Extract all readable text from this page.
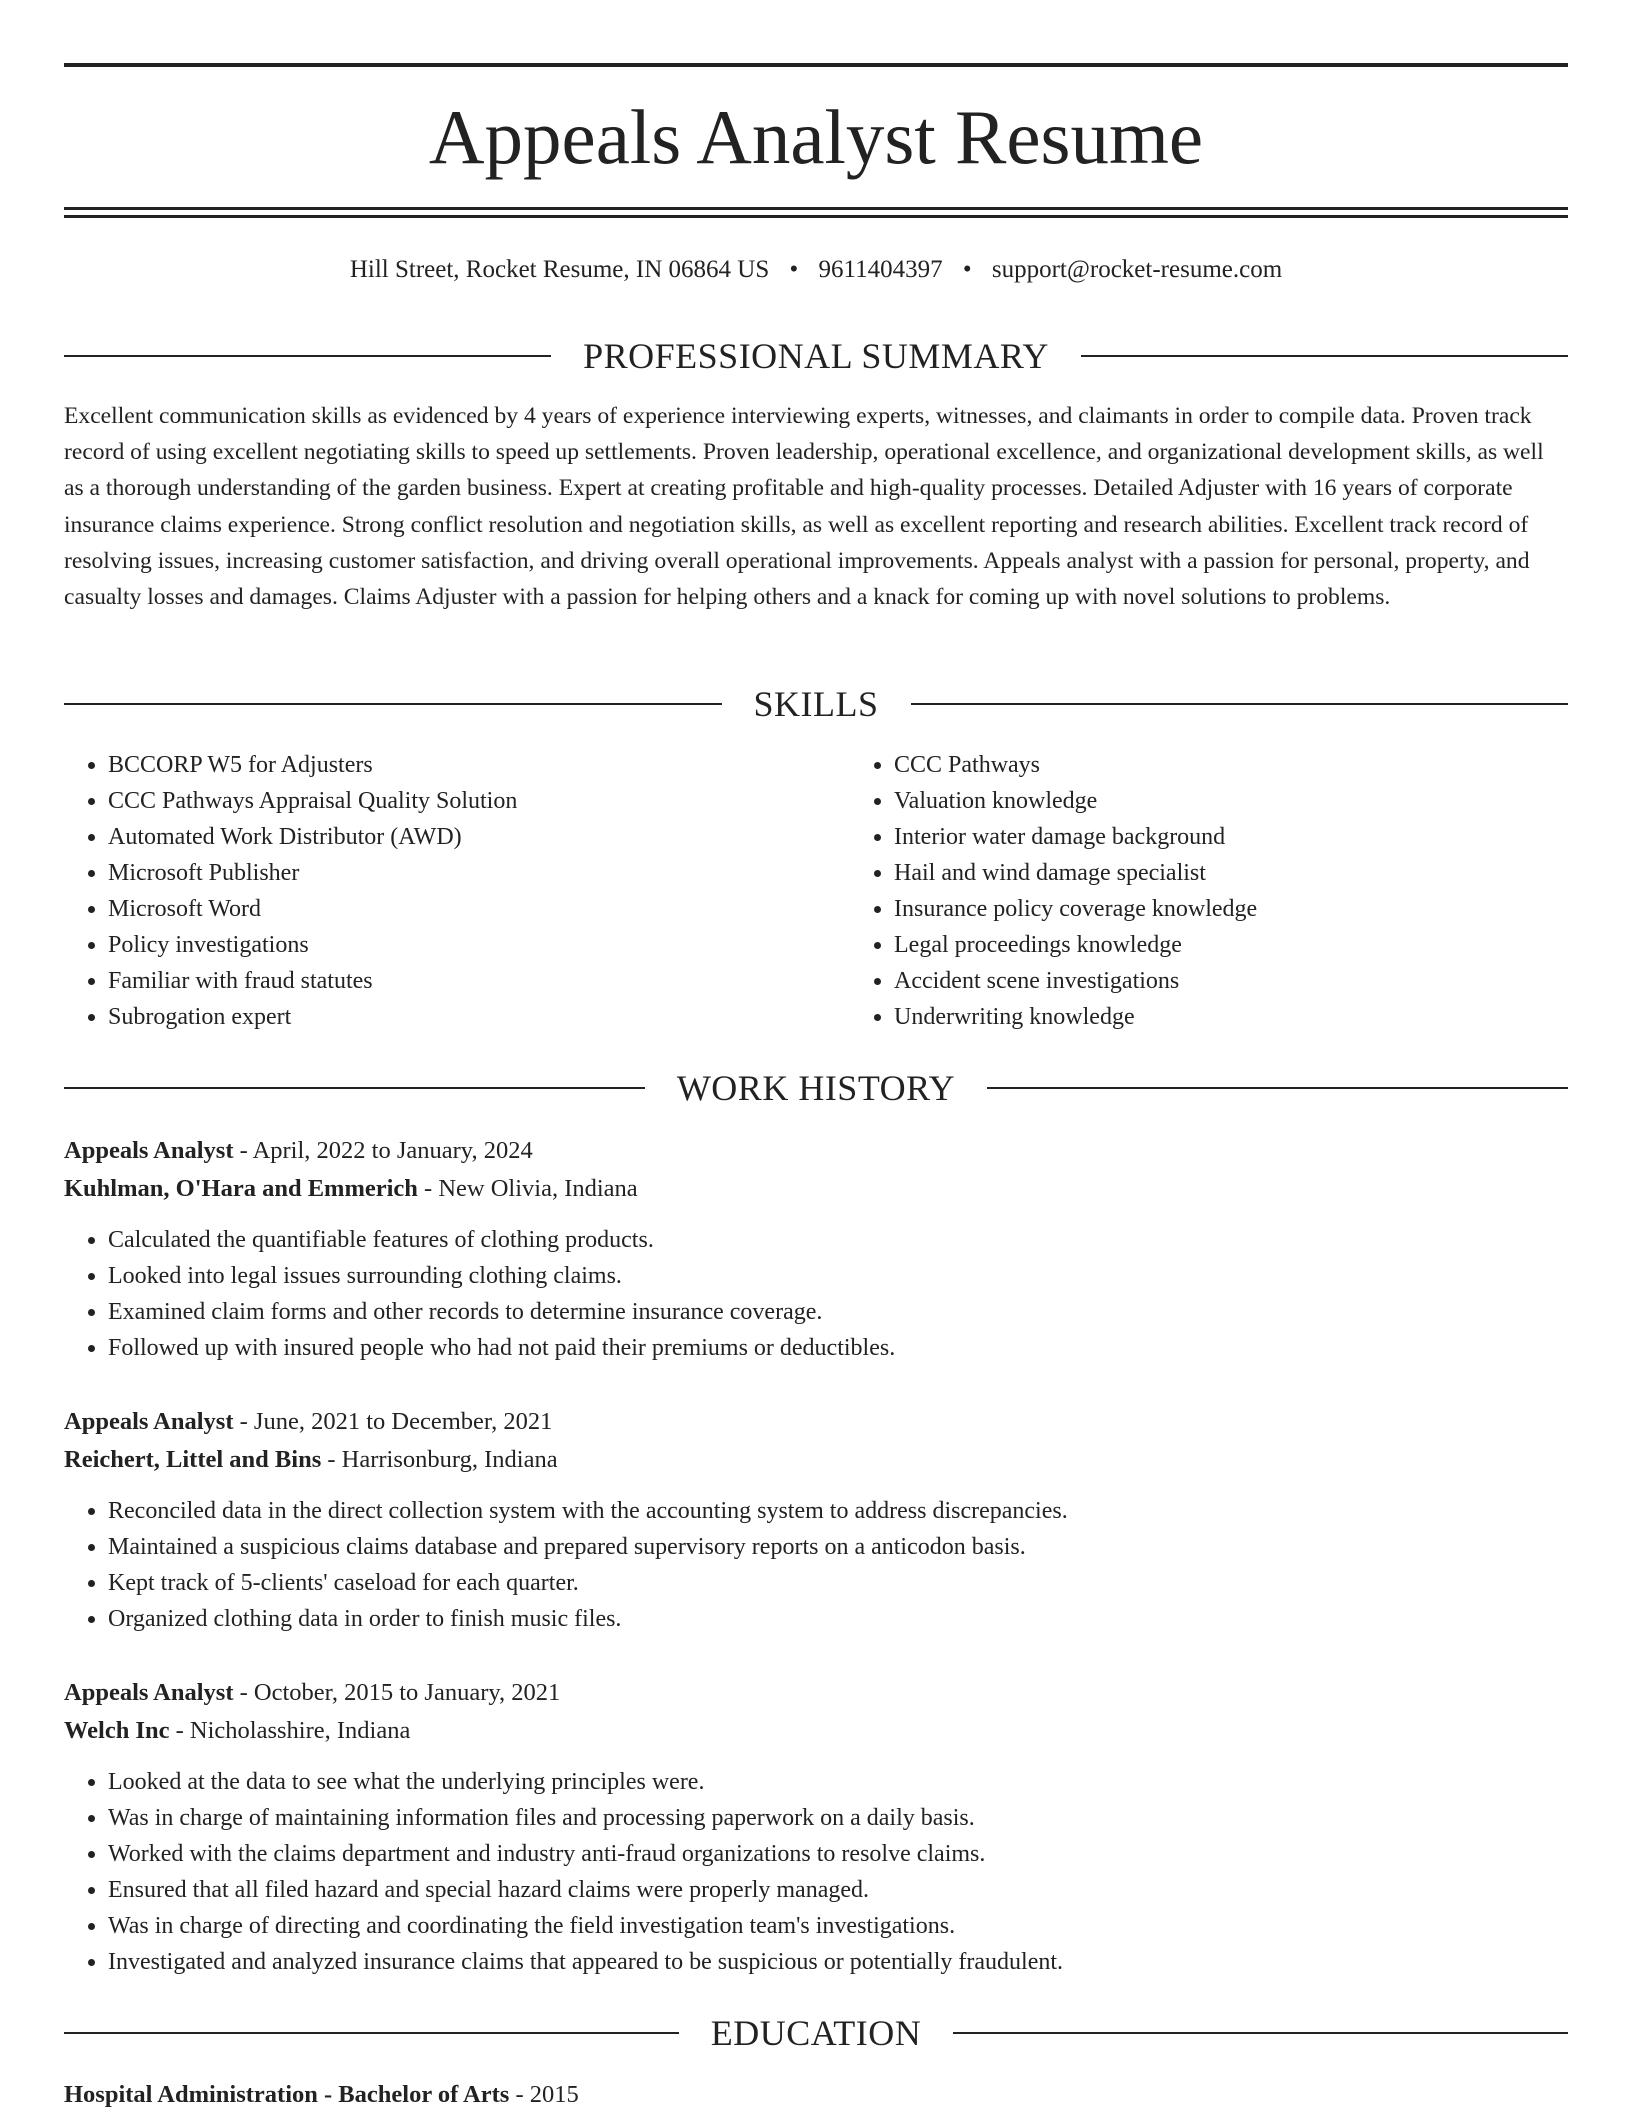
Appeals Analyst Resume
Hill Street, Rocket Resume, IN 06864 US • 9611404397 • support@rocket-resume.com
PROFESSIONAL SUMMARY

Excellent communication skills as evidenced by 4 years of experience interviewing experts, witnesses, and claimants in order to compile data. Proven track record of using excellent negotiating skills to speed up settlements. Proven leadership, operational excellence, and organizational development skills, as well as a thorough understanding of the garden business. Expert at creating profitable and high-quality processes. Detailed Adjuster with 16 years of corporate insurance claims experience. Strong conflict resolution and negotiation skills, as well as excellent reporting and research abilities. Excellent track record of resolving issues, increasing customer satisfaction, and driving overall operational improvements. Appeals analyst with a passion for personal, property, and casualty losses and damages. Claims Adjuster with a passion for helping others and a knack for coming up with novel solutions to problems.

SKILLS
• BCCORP W5 for Adjusters
• CCC Pathways Appraisal Quality Solution
• Automated Work Distributor (AWD)
• Microsoft Publisher
• Microsoft Word
• Policy investigations
• Familiar with fraud statutes
• Subrogation expert
• CCC Pathways
• Valuation knowledge
• Interior water damage background
• Hail and wind damage specialist
• Insurance policy coverage knowledge
• Legal proceedings knowledge
• Accident scene investigations
• Underwriting knowledge
WORK HISTORY
Appeals Analyst - April, 2022 to January, 2024
Kuhlman, O'Hara and Emmerich - New Olivia, Indiana
• Calculated the quantifiable features of clothing products.
• Looked into legal issues surrounding clothing claims.
• Examined claim forms and other records to determine insurance coverage.
• Followed up with insured people who had not paid their premiums or deductibles.
Appeals Analyst - June, 2021 to December, 2021
Reichert, Littel and Bins - Harrisonburg, Indiana
• Reconciled data in the direct collection system with the accounting system to address discrepancies.
• Maintained a suspicious claims database and prepared supervisory reports on a anticodon basis.
• Kept track of 5-clients' caseload for each quarter.
• Organized clothing data in order to finish music files.
Appeals Analyst - October, 2015 to January, 2021
Welch Inc - Nicholasshire, Indiana
• Looked at the data to see what the underlying principles were.
• Was in charge of maintaining information files and processing paperwork on a daily basis.
• Worked with the claims department and industry anti-fraud organizations to resolve claims.
• Ensured that all filed hazard and special hazard claims were properly managed.
• Was in charge of directing and coordinating the field investigation team's investigations.
• Investigated and analyzed insurance claims that appeared to be suspicious or potentially fraudulent.
EDUCATION
Hospital Administration - Bachelor of Arts - 2015
